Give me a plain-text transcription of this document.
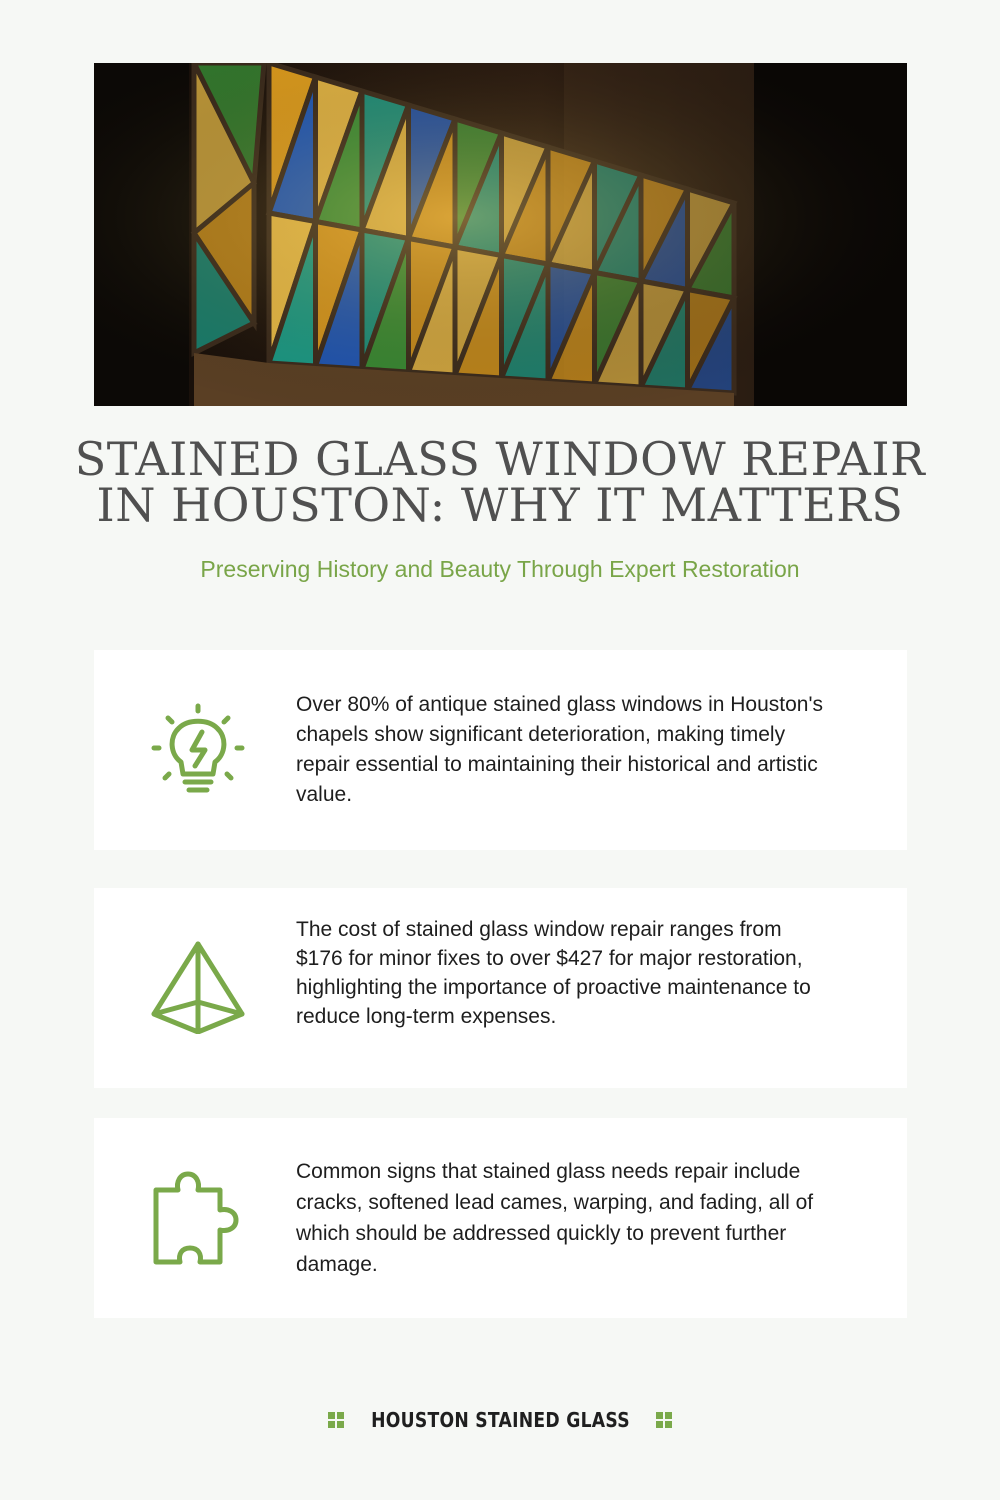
STAINED GLASS WINDOW REPAIR IN HOUSTON: WHY IT MATTERS
Preserving History and Beauty Through Expert Restoration
Over 80% of antique stained glass windows in Houston's chapels show significant deterioration, making timely repair essential to maintaining their historical and artistic value.
The cost of stained glass window repair ranges from $176 for minor fixes to over $427 for major restoration, highlighting the importance of proactive maintenance to reduce long-term expenses.
Common signs that stained glass needs repair include cracks, softened lead cames, warping, and fading, all of which should be addressed quickly to prevent further damage.
HOUSTON STAINED GLASS
